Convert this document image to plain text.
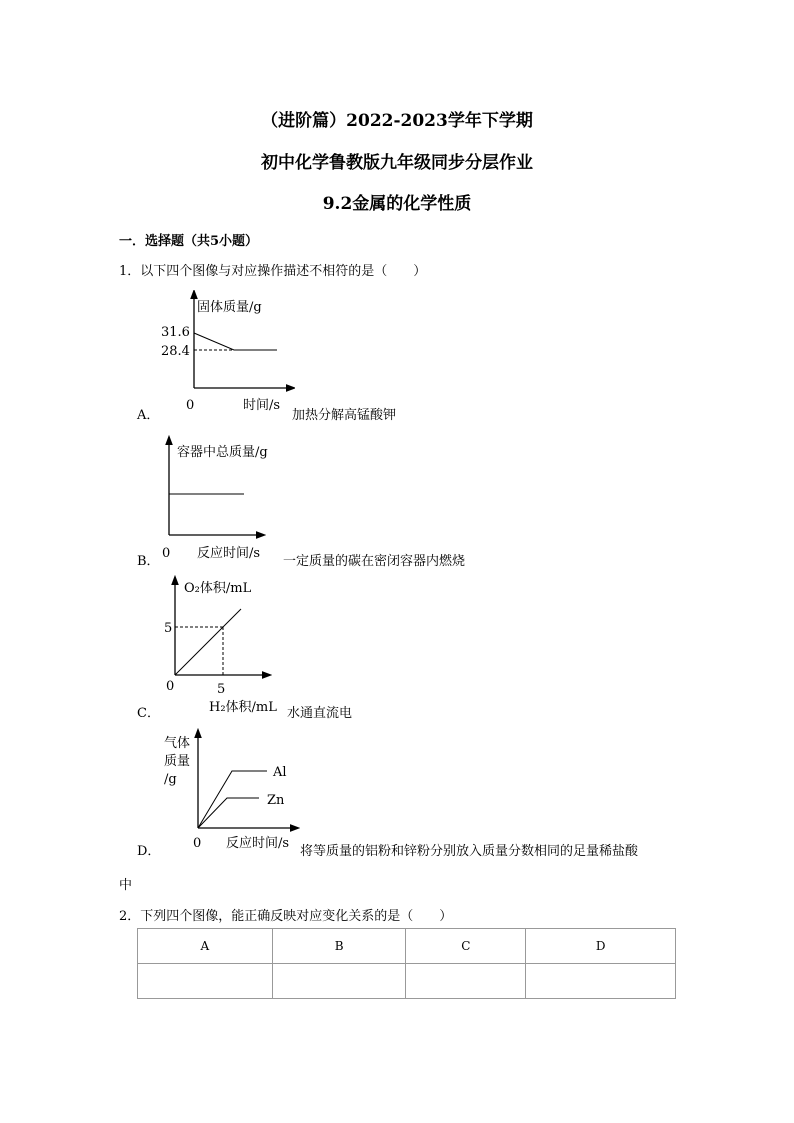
（进阶篇）2022-2023学年下学期
初中化学鲁教版九年级同步分层作业
9.2金属的化学性质
一．选择题（共5小题）
1．以下四个图像与对应操作描述不相符的是（　　）
A．
固体质量/g
31.6
28.4
0	时间/s
加热分解高锰酸钾
B．
容器中总质量/g
0 反应时间/s
一定质量的碳在密闭容器内燃烧
C．
O₂体积/mL
5
0	5
H₂体积/mL 水通直流电
D．
气体
质量
/g	Al
Zn
0 反应时间/s
将等质量的铝粉和锌粉分别放入质量分数相同的足量稀盐酸
中
2．下列四个图像，能正确反映对应变化关系的是（　　）
A	B	C	D
